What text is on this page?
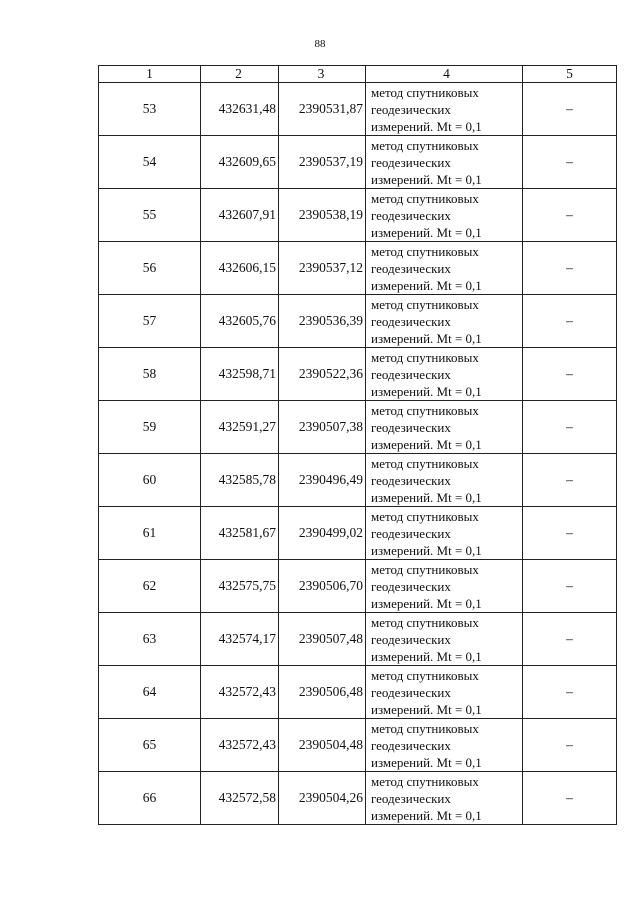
88
1	2	3	4	5
53	432631,48	2390531,87	метод спутниковых
геодезических
измерений. Mt = 0,1	–
54	432609,65	2390537,19	метод спутниковых
геодезических
измерений. Mt = 0,1	–
55	432607,91	2390538,19	метод спутниковых
геодезических
измерений. Mt = 0,1	–
56	432606,15	2390537,12	метод спутниковых
геодезических
измерений. Mt = 0,1	–
57	432605,76	2390536,39	метод спутниковых
геодезических
измерений. Mt = 0,1	–
58	432598,71	2390522,36	метод спутниковых
геодезических
измерений. Mt = 0,1	–
59	432591,27	2390507,38	метод спутниковых
геодезических
измерений. Mt = 0,1	–
60	432585,78	2390496,49	метод спутниковых
геодезических
измерений. Mt = 0,1	–
61	432581,67	2390499,02	метод спутниковых
геодезических
измерений. Mt = 0,1	–
62	432575,75	2390506,70	метод спутниковых
геодезических
измерений. Mt = 0,1	–
63	432574,17	2390507,48	метод спутниковых
геодезических
измерений. Mt = 0,1	–
64	432572,43	2390506,48	метод спутниковых
геодезических
измерений. Mt = 0,1	–
65	432572,43	2390504,48	метод спутниковых
геодезических
измерений. Mt = 0,1	–
66	432572,58	2390504,26	метод спутниковых
геодезических
измерений. Mt = 0,1	–
